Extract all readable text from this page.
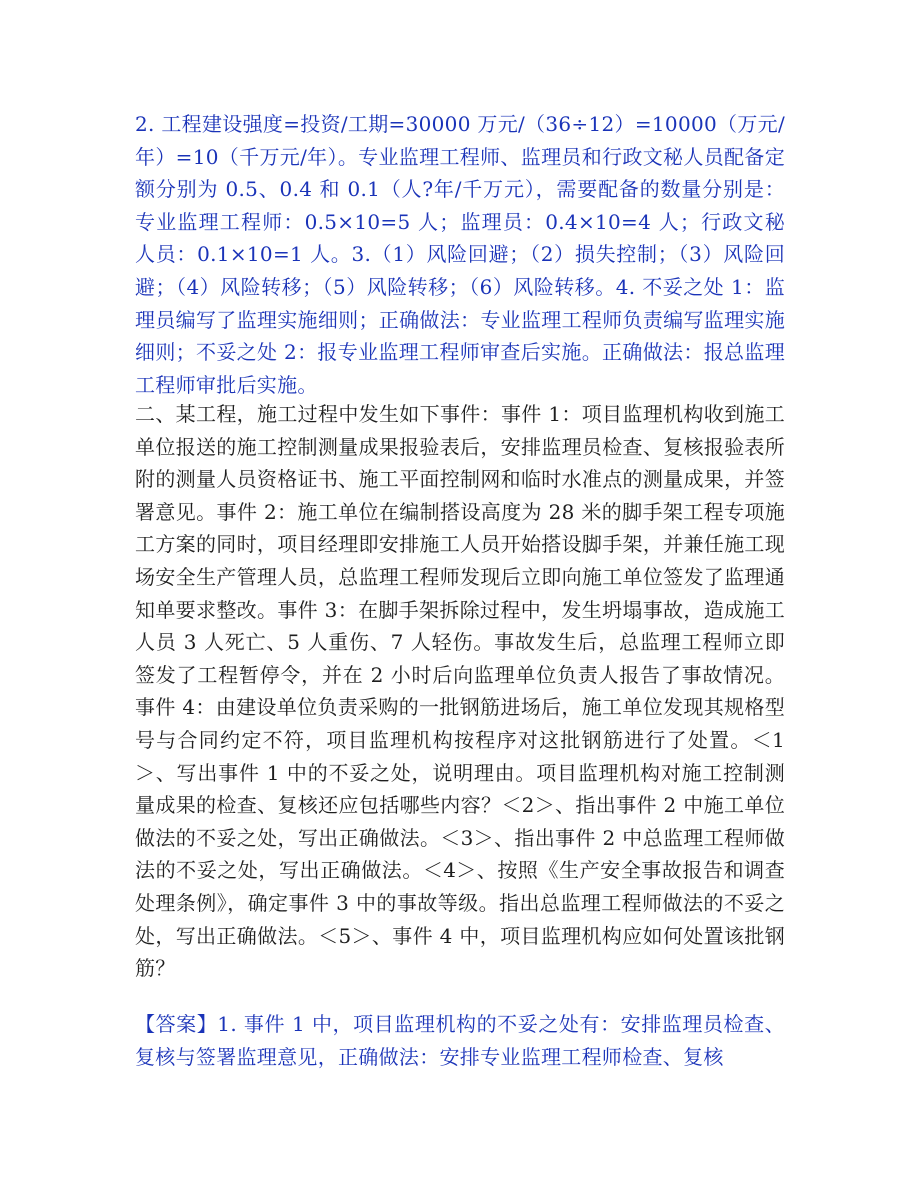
2. 工程建设强度=投资/工期=30000 万元/（36÷12）=10000（万元/年）=10（千万元/年）。专业监理工程师、监理员和行政文秘人员配备定额分别为 0.5、0.4 和 0.1（人?年/千万元），需要配备的数量分别是：专业监理工程师：0.5×10=5 人；监理员：0.4×10=4 人；行政文秘人员：0.1×10=1 人。3.（1）风险回避；（2）损失控制；（3）风险回避；（4）风险转移；（5）风险转移；（6）风险转移。4. 不妥之处 1：监理员编写了监理实施细则；正确做法：专业监理工程师负责编写监理实施细则；不妥之处 2：报专业监理工程师审查后实施。正确做法：报总监理工程师审批后实施。

二、某工程，施工过程中发生如下事件：事件 1：项目监理机构收到施工单位报送的施工控制测量成果报验表后，安排监理员检查、复核报验表所附的测量人员资格证书、施工平面控制网和临时水准点的测量成果，并签署意见。事件 2：施工单位在编制搭设高度为 28 米的脚手架工程专项施工方案的同时，项目经理即安排施工人员开始搭设脚手架，并兼任施工现场安全生产管理人员，总监理工程师发现后立即向施工单位签发了监理通知单要求整改。事件 3：在脚手架拆除过程中，发生坍塌事故，造成施工人员 3 人死亡、5 人重伤、7 人轻伤。事故发生后，总监理工程师立即签发了工程暂停令，并在 2 小时后向监理单位负责人报告了事故情况。事件 4：由建设单位负责采购的一批钢筋进场后，施工单位发现其规格型号与合同约定不符，项目监理机构按程序对这批钢筋进行了处置。＜1＞、写出事件 1 中的不妥之处，说明理由。项目监理机构对施工控制测量成果的检查、复核还应包括哪些内容？＜2＞、指出事件 2 中施工单位做法的不妥之处，写出正确做法。＜3＞、指出事件 2 中总监理工程师做法的不妥之处，写出正确做法。＜4＞、按照《生产安全事故报告和调查处理条例》，确定事件 3 中的事故等级。指出总监理工程师做法的不妥之处，写出正确做法。＜5＞、事件 4 中，项目监理机构应如何处置该批钢筋？

【答案】1. 事件 1 中，项目监理机构的不妥之处有：安排监理员检查、复核与签署监理意见，正确做法：安排专业监理工程师检查、复核
